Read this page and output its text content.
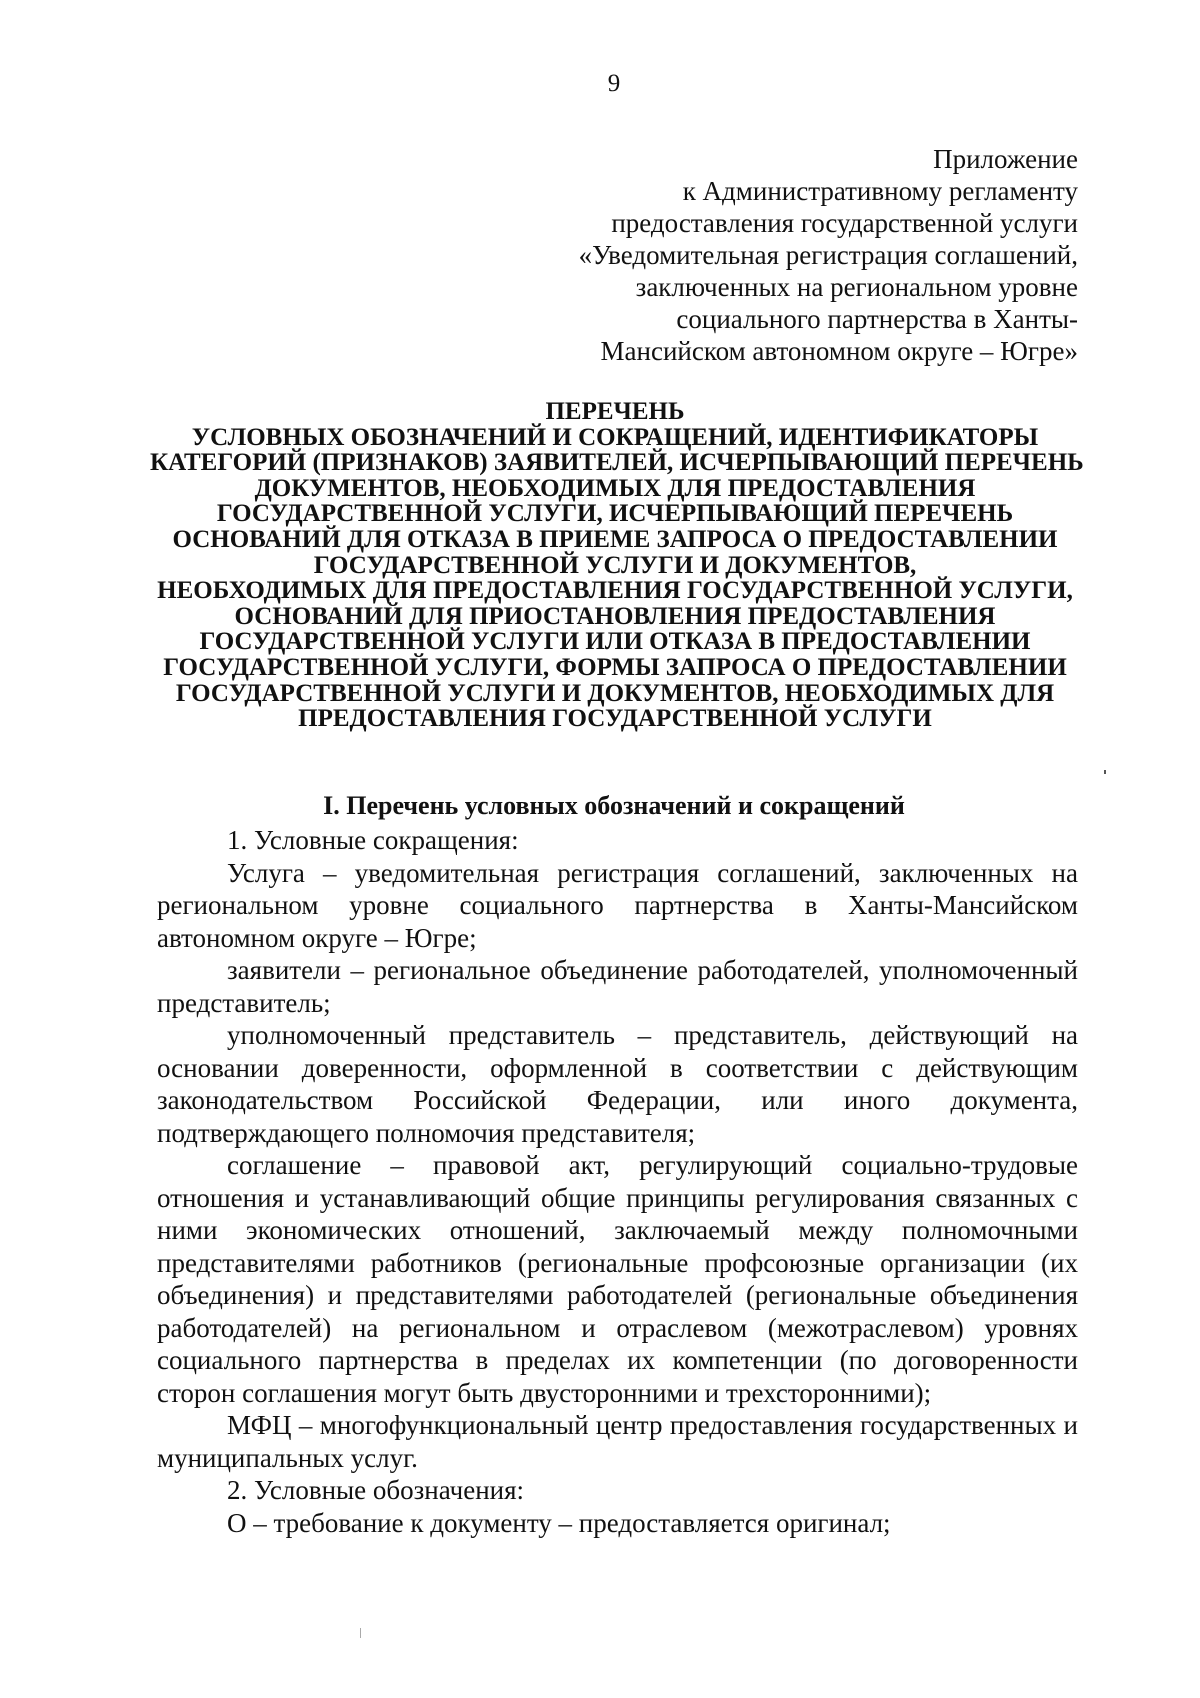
9
Приложение
к Административному регламенту
предоставления государственной услуги
«Уведомительная регистрация соглашений,
заключенных на региональном уровне
социального партнерства в Ханты-
Мансийском автономном округе – Югре»
ПЕРЕЧЕНЬ
УСЛОВНЫХ ОБОЗНАЧЕНИЙ И СОКРАЩЕНИЙ, ИДЕНТИФИКАТОРЫ
КАТЕГОРИЙ (ПРИЗНАКОВ) ЗАЯВИТЕЛЕЙ, ИСЧЕРПЫВАЮЩИЙ ПЕРЕЧЕНЬ
ДОКУМЕНТОВ, НЕОБХОДИМЫХ ДЛЯ ПРЕДОСТАВЛЕНИЯ
ГОСУДАРСТВЕННОЙ УСЛУГИ, ИСЧЕРПЫВАЮЩИЙ ПЕРЕЧЕНЬ
ОСНОВАНИЙ ДЛЯ ОТКАЗА В ПРИЕМЕ ЗАПРОСА О ПРЕДОСТАВЛЕНИИ
ГОСУДАРСТВЕННОЙ УСЛУГИ И ДОКУМЕНТОВ,
НЕОБХОДИМЫХ ДЛЯ ПРЕДОСТАВЛЕНИЯ ГОСУДАРСТВЕННОЙ УСЛУГИ,
ОСНОВАНИЙ ДЛЯ ПРИОСТАНОВЛЕНИЯ ПРЕДОСТАВЛЕНИЯ
ГОСУДАРСТВЕННОЙ УСЛУГИ ИЛИ ОТКАЗА В ПРЕДОСТАВЛЕНИИ
ГОСУДАРСТВЕННОЙ УСЛУГИ, ФОРМЫ ЗАПРОСА О ПРЕДОСТАВЛЕНИИ
ГОСУДАРСТВЕННОЙ УСЛУГИ И ДОКУМЕНТОВ, НЕОБХОДИМЫХ ДЛЯ
ПРЕДОСТАВЛЕНИЯ ГОСУДАРСТВЕННОЙ УСЛУГИ
I. Перечень условных обозначений и сокращений

1. Условные сокращения:

Услуга – уведомительная регистрация соглашений, заключенных на региональном уровне социального партнерства в Ханты-Мансийском автономном округе – Югре;

заявители – региональное объединение работодателей, уполномоченный представитель;

уполномоченный представитель – представитель, действующий на основании доверенности, оформленной в соответствии с действующим законодательством Российской Федерации, или иного документа, подтверждающего полномочия представителя;

соглашение – правовой акт, регулирующий социально-трудовые отношения и устанавливающий общие принципы регулирования связанных с ними экономических отношений, заключаемый между полномочными представителями работников (региональные профсоюзные организации (их объединения) и представителями работодателей (региональные объединения работодателей) на региональном и отраслевом (межотраслевом) уровнях социального партнерства в пределах их компетенции (по договоренности сторон соглашения могут быть двусторонними и трехсторонними);

МФЦ – многофункциональный центр предоставления государственных и муниципальных услуг.

2. Условные обозначения:

О – требование к документу – предоставляется оригинал;
